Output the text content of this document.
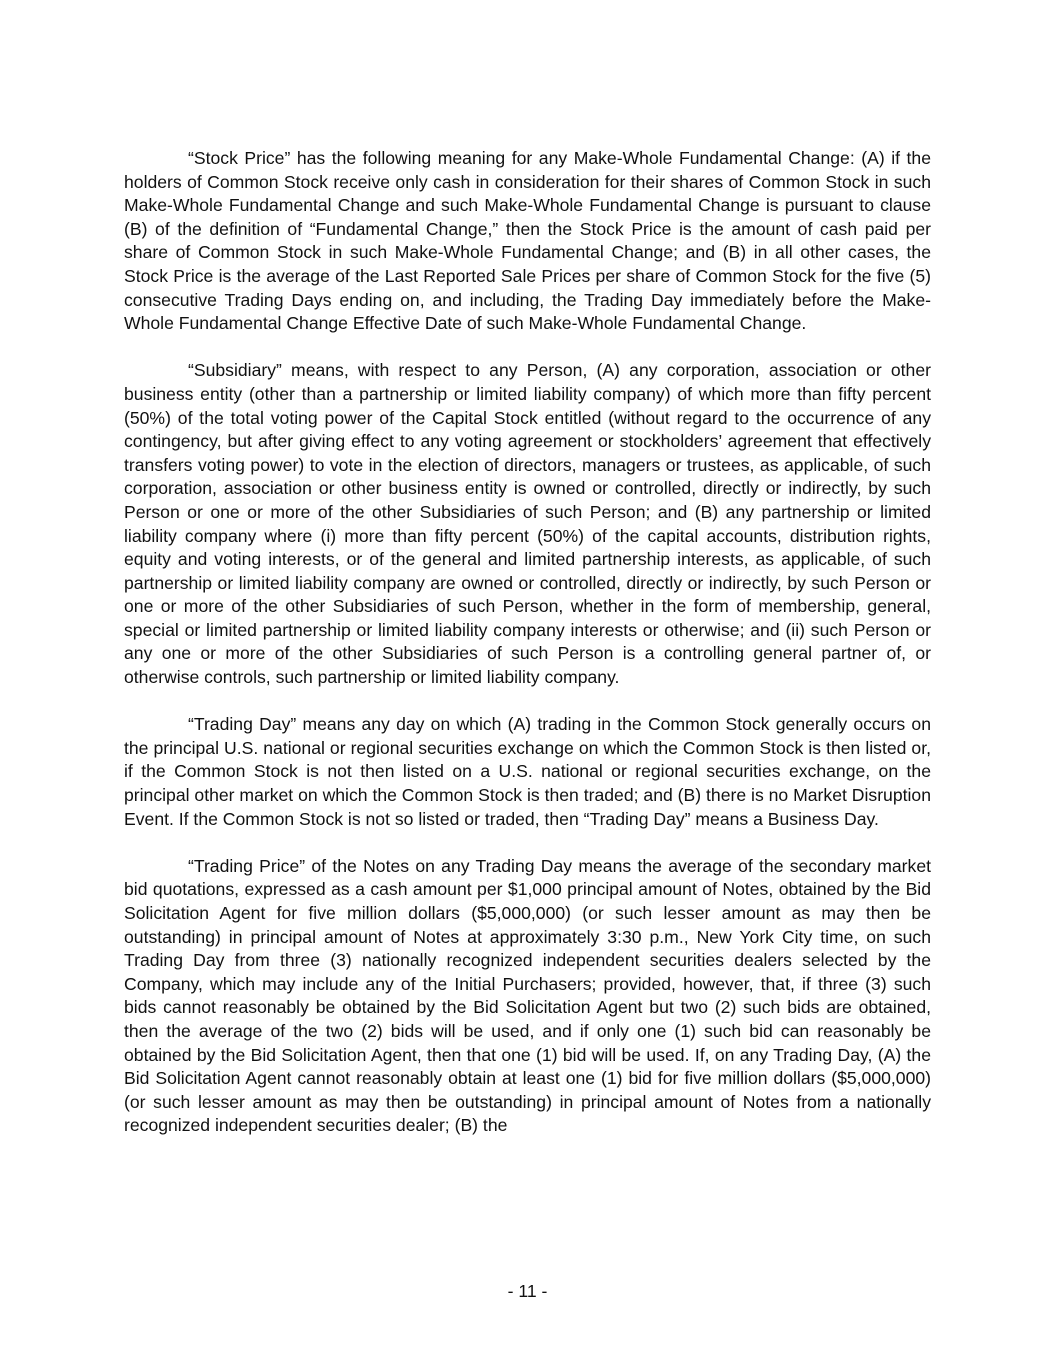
“Stock Price” has the following meaning for any Make-Whole Fundamental Change: (A) if the holders of Common Stock receive only cash in consideration for their shares of Common Stock in such Make-Whole Fundamental Change and such Make-Whole Fundamental Change is pursuant to clause (B) of the definition of “Fundamental Change,” then the Stock Price is the amount of cash paid per share of Common Stock in such Make-Whole Fundamental Change; and (B) in all other cases, the Stock Price is the average of the Last Reported Sale Prices per share of Common Stock for the five (5) consecutive Trading Days ending on, and including, the Trading Day immediately before the Make-Whole Fundamental Change Effective Date of such Make-Whole Fundamental Change.

“Subsidiary” means, with respect to any Person, (A) any corporation, association or other business entity (other than a partnership or limited liability company) of which more than fifty percent (50%) of the total voting power of the Capital Stock entitled (without regard to the occurrence of any contingency, but after giving effect to any voting agreement or stockholders’ agreement that effectively transfers voting power) to vote in the election of directors, managers or trustees, as applicable, of such corporation, association or other business entity is owned or controlled, directly or indirectly, by such Person or one or more of the other Subsidiaries of such Person; and (B) any partnership or limited liability company where (i) more than fifty percent (50%) of the capital accounts, distribution rights, equity and voting interests, or of the general and limited partnership interests, as applicable, of such partnership or limited liability company are owned or controlled, directly or indirectly, by such Person or one or more of the other Subsidiaries of such Person, whether in the form of membership, general, special or limited partnership or limited liability company interests or otherwise; and (ii) such Person or any one or more of the other Subsidiaries of such Person is a controlling general partner of, or otherwise controls, such partnership or limited liability company.

“Trading Day” means any day on which (A) trading in the Common Stock generally occurs on the principal U.S. national or regional securities exchange on which the Common Stock is then listed or, if the Common Stock is not then listed on a U.S. national or regional securities exchange, on the principal other market on which the Common Stock is then traded; and (B) there is no Market Disruption Event. If the Common Stock is not so listed or traded, then “Trading Day” means a Business Day.

“Trading Price” of the Notes on any Trading Day means the average of the secondary market bid quotations, expressed as a cash amount per $1,000 principal amount of Notes, obtained by the Bid Solicitation Agent for five million dollars ($5,000,000) (or such lesser amount as may then be outstanding) in principal amount of Notes at approximately 3:30 p.m., New York City time, on such Trading Day from three (3) nationally recognized independent securities dealers selected by the Company, which may include any of the Initial Purchasers; provided, however, that, if three (3) such bids cannot reasonably be obtained by the Bid Solicitation Agent but two (2) such bids are obtained, then the average of the two (2) bids will be used, and if only one (1) such bid can reasonably be obtained by the Bid Solicitation Agent, then that one (1) bid will be used. If, on any Trading Day, (A) the Bid Solicitation Agent cannot reasonably obtain at least one (1) bid for five million dollars ($5,000,000) (or such lesser amount as may then be outstanding) in principal amount of Notes from a nationally recognized independent securities dealer; (B) the

- 11 -
